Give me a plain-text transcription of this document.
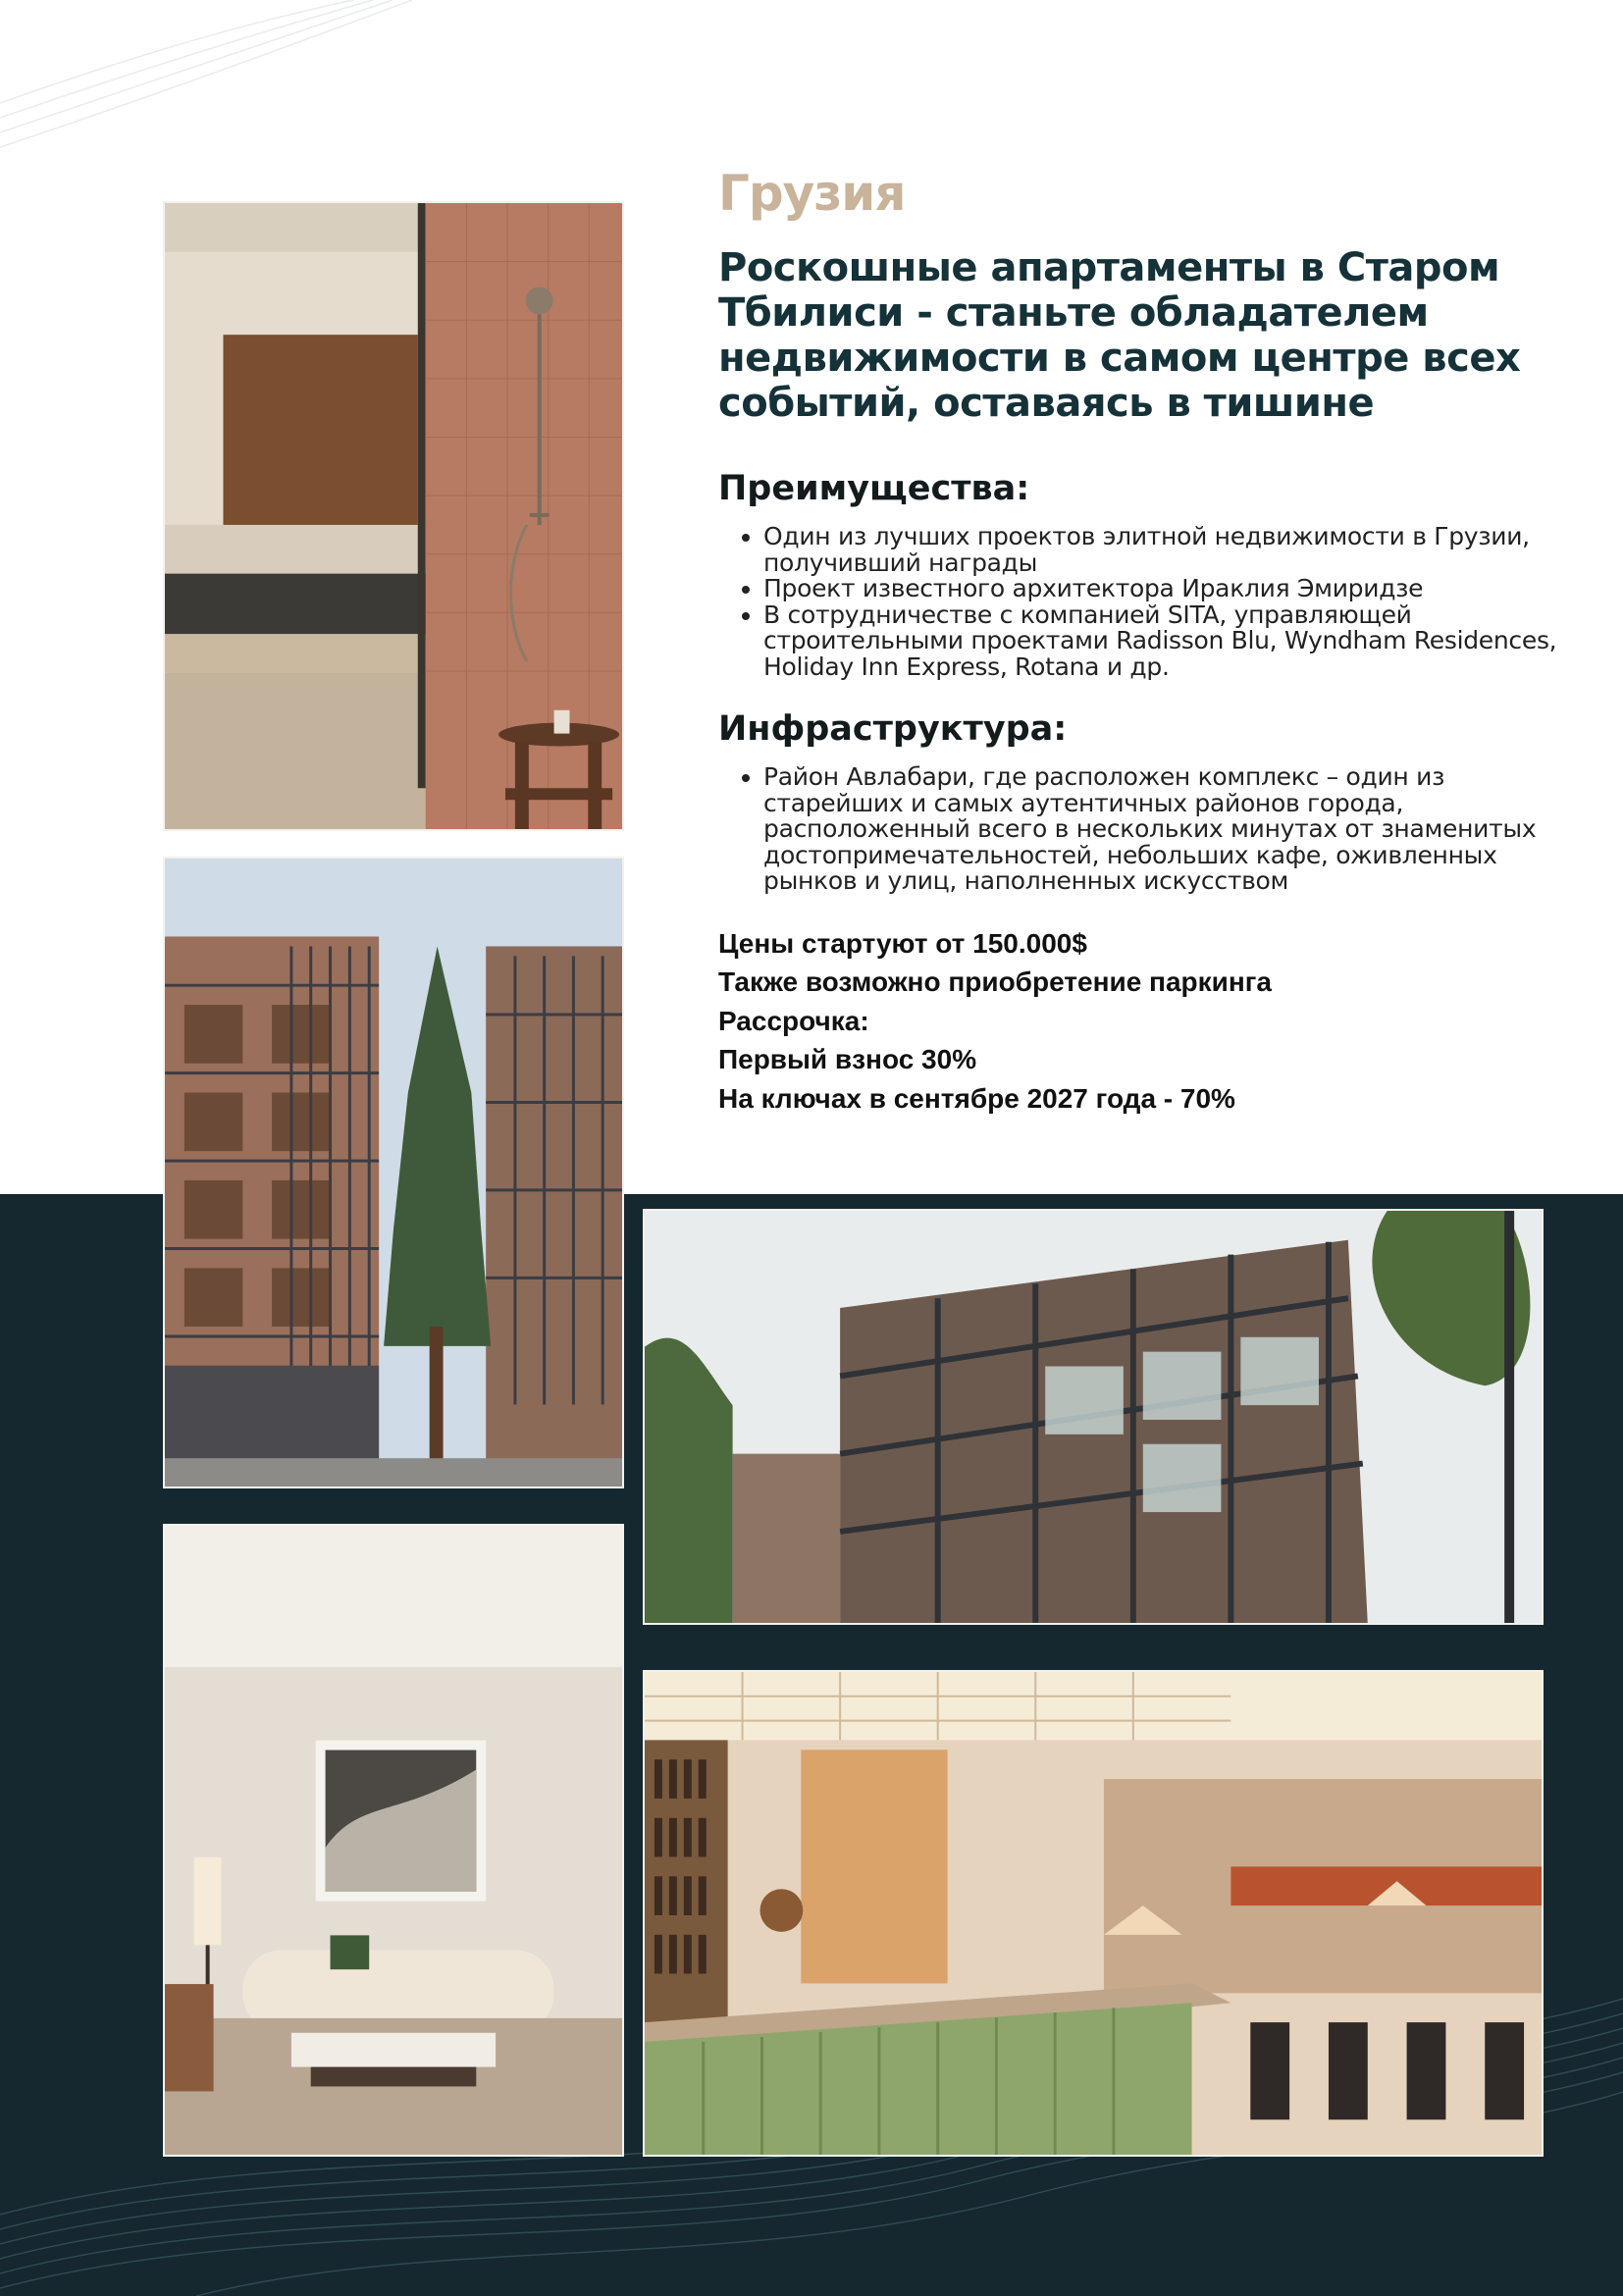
Грузия
Роскошные апартаменты в Старом Тбилиси - станьте обладателем недвижимости в самом центре всех событий, оставаясь в тишине
Преимущества:
• Один из лучших проектов элитной недвижимости в Грузии, получивший награды
• Проект известного архитектора Ираклия Эмиридзе
• В сотрудничестве с компанией SITA, управляющей строительными проектами Radisson Blu, Wyndham Residences, Holiday Inn Express, Rotana и др.
Инфраструктура:
• Район Авлабари, где расположен комплекс – один из старейших и самых аутентичных районов города, расположенный всего в нескольких минутах от знаменитых достопримечательностей, небольших кафе, оживленных рынков и улиц, наполненных искусством
Цены стартуют от 150.000$
Также возможно приобретение паркинга
Рассрочка:
Первый взнос 30%
На ключах в сентябре 2027 года - 70%
